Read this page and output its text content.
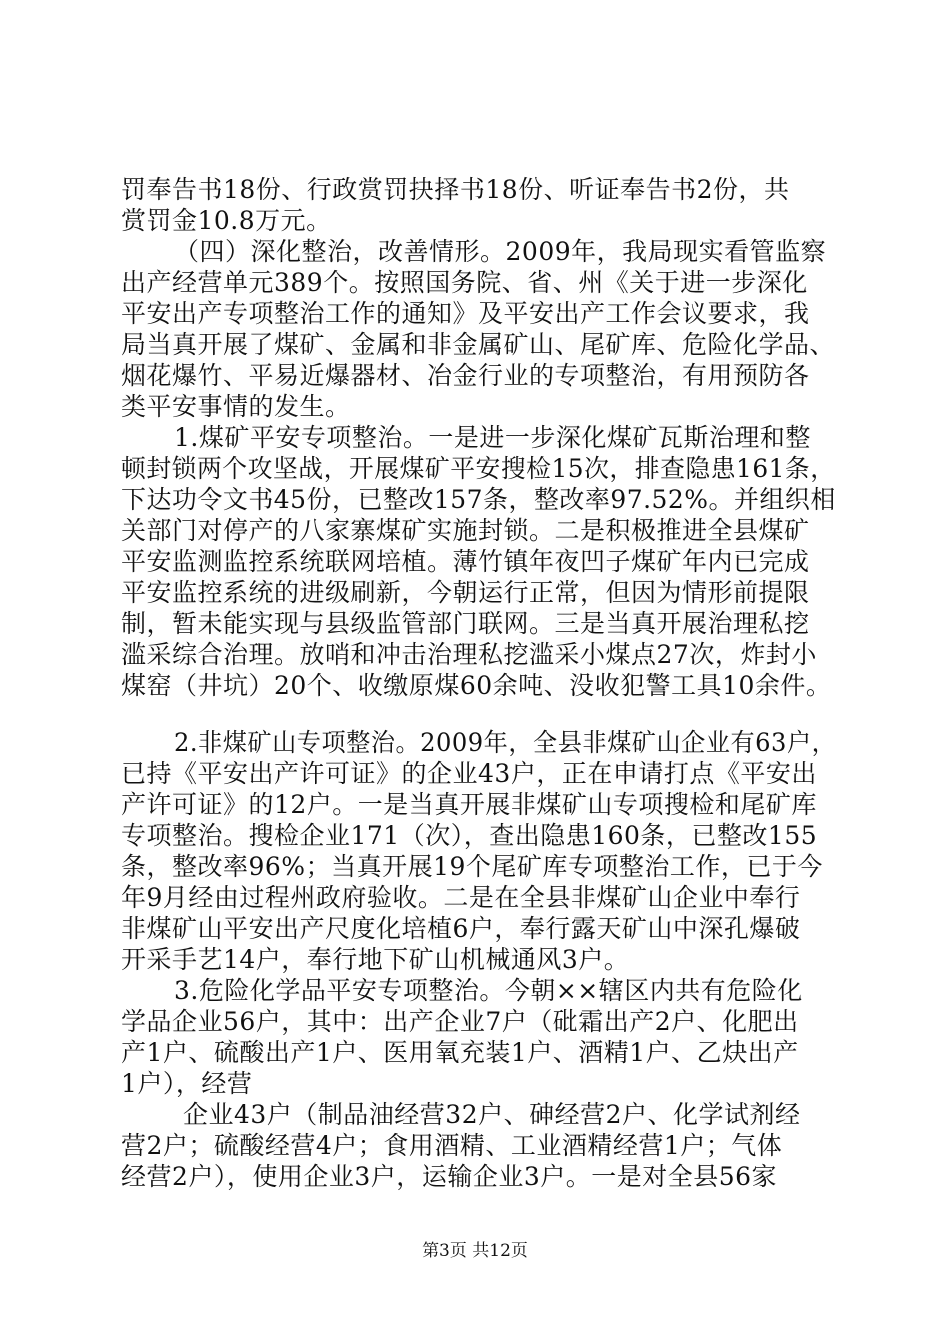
罚奉告书18份、行政赏罚抉择书18份、听证奉告书2份，共
赏罚金10.8万元。
（四）深化整治，改善情形。2009年，我局现实看管监察
出产经营单元389个。按照国务院、省、州《关于进一步深化
平安出产专项整治工作的通知》及平安出产工作会议要求，我
局当真开展了煤矿、金属和非金属矿山、尾矿库、危险化学品、
烟花爆竹、平易近爆器材、冶金行业的专项整治，有用预防各
类平安事情的发生。
1.煤矿平安专项整治。一是进一步深化煤矿瓦斯治理和整
顿封锁两个攻坚战，开展煤矿平安搜检15次，排查隐患161条，
下达功令文书45份，已整改157条，整改率97.52%。并组织相
关部门对停产的八家寨煤矿实施封锁。二是积极推进全县煤矿
平安监测监控系统联网培植。薄竹镇年夜凹子煤矿年内已完成
平安监控系统的进级刷新，今朝运行正常，但因为情形前提限
制，暂未能实现与县级监管部门联网。三是当真开展治理私挖
滥采综合治理。放哨和冲击治理私挖滥采小煤点27次，炸封小
煤窑（井坑）20个、收缴原煤60余吨、没收犯警工具10余件。
2.非煤矿山专项整治。2009年，全县非煤矿山企业有63户，
已持《平安出产许可证》的企业43户，正在申请打点《平安出
产许可证》的12户。一是当真开展非煤矿山专项搜检和尾矿库
专项整治。搜检企业171（次），查出隐患160条，已整改155
条，整改率96%；当真开展19个尾矿库专项整治工作，已于今
年9月经由过程州政府验收。二是在全县非煤矿山企业中奉行
非煤矿山平安出产尺度化培植6户，奉行露天矿山中深孔爆破
开采手艺14户，奉行地下矿山机械通风3户。
3.危险化学品平安专项整治。今朝××辖区内共有危险化
学品企业56户，其中：出产企业7户（砒霜出产2户、化肥出
产1户、硫酸出产1户、医用氧充装1户、酒精1户、乙炔出产
1户），经营
企业43户（制品油经营32户、砷经营2户、化学试剂经
营2户；硫酸经营4户；食用酒精、工业酒精经营1户；气体
经营2户），使用企业3户，运输企业3户。一是对全县56家
第3页 共12页
